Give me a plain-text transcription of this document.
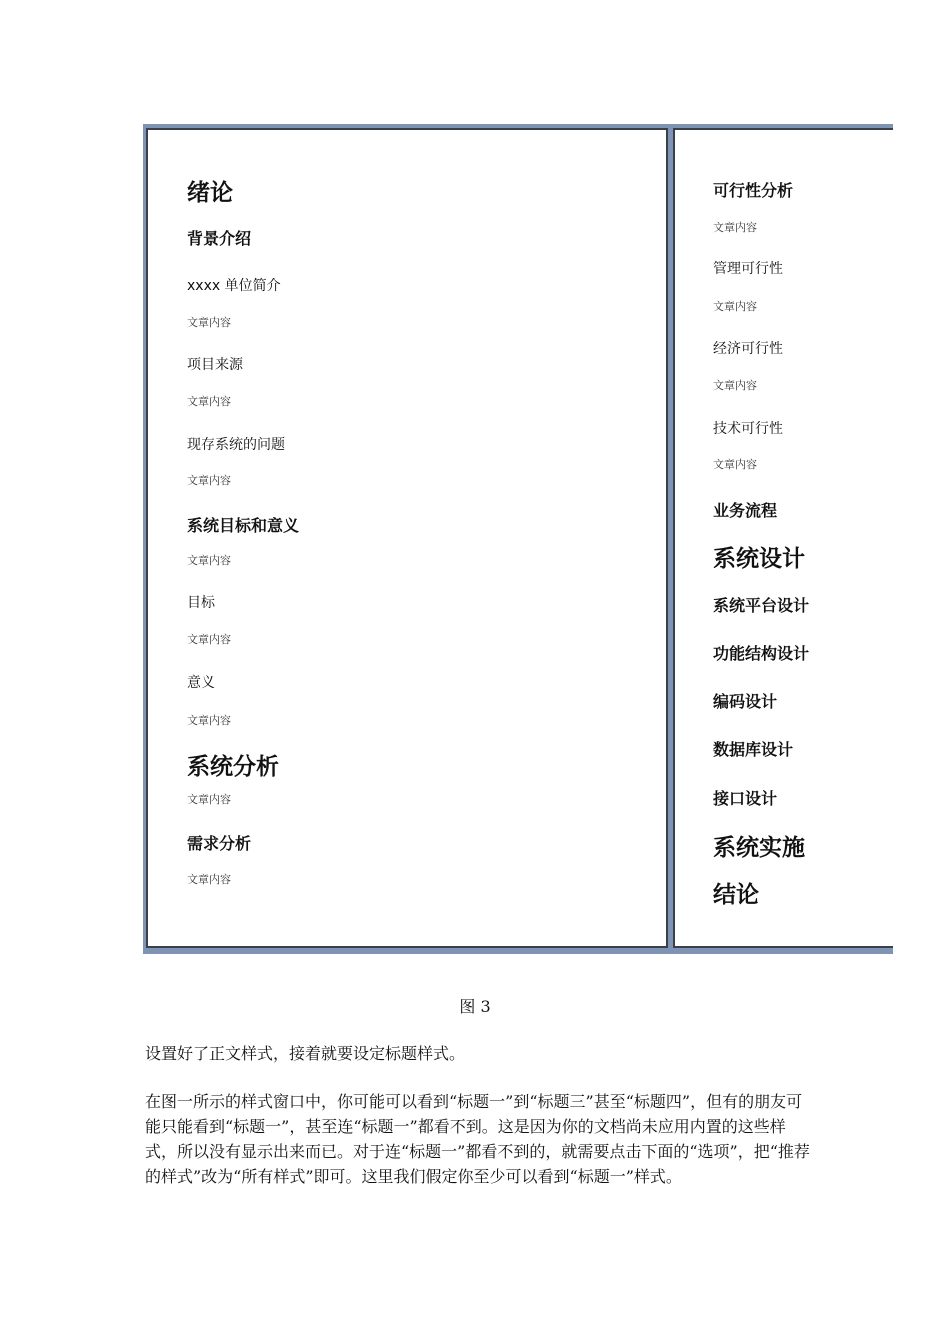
绪论
背景介绍
xxxx 单位简介
文章内容
项目来源
文章内容
现存系统的问题
文章内容
系统目标和意义
文章内容
目标
文章内容
意义
文章内容
系统分析
文章内容
需求分析
文章内容
可行性分析
文章内容
管理可行性
文章内容
经济可行性
文章内容
技术可行性
文章内容
业务流程
系统设计
系统平台设计
功能结构设计
编码设计
数据库设计
接口设计
系统实施
结论
图 3

设置好了正文样式，接着就要设定标题样式。

在图一所示的样式窗口中，你可能可以看到“标题一”到“标题三”甚至“标题四”，但有的朋友可能只能看到“标题一”，甚至连“标题一”都看不到。这是因为你的文档尚未应用内置的这些样式，所以没有显示出来而已。对于连“标题一”都看不到的，就需要点击下面的“选项”，把“推荐的样式”改为“所有样式”即可。这里我们假定你至少可以看到“标题一”样式。
